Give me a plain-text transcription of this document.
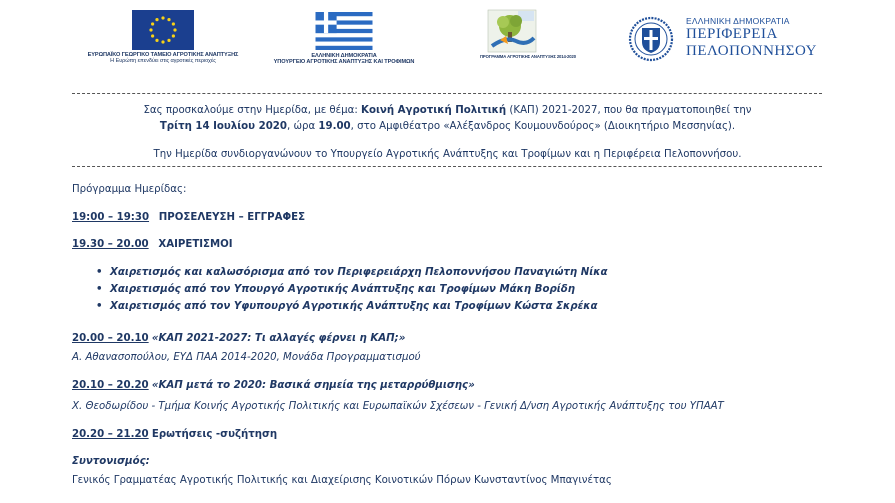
ΕΥΡΩΠΑΪΚΟ ΓΕΩΡΓΙΚΟ ΤΑΜΕΙΟ ΑΓΡΟΤΙΚΗΣ ΑΝΑΠΤΥΞΗΣ
Η Ευρώπη επενδύει στις αγροτικές περιοχές
ΕΛΛΗΝΙΚΗ ΔΗΜΟΚΡΑΤΙΑ
ΥΠΟΥΡΓΕΙΟ ΑΓΡΟΤΙΚΗΣ ΑΝΑΠΤΥΞΗΣ ΚΑΙ ΤΡΟΦΙΜΩΝ
ΠΡΟΓΡΑΜΜΑ ΑΓΡΟΤΙΚΗΣ ΑΝΑΠΤΥΞΗΣ 2014-2020
ΕΛΛΗΝΙΚΗ ΔΗΜΟΚΡΑΤΙΑ
ΠΕΡΙΦΕΡΕΙΑ
ΠΕΛΟΠΟΝΝΗΣΟΥ
Σας προσκαλούμε στην Ημερίδα, με θέμα: Κοινή Αγροτική Πολιτική (ΚΑΠ) 2021-2027, που θα πραγματοποιηθεί την
Τρίτη 14 Ιουλίου 2020, ώρα 19.00, στο Αμφιθέατρο «Αλέξανδρος Κουμουνδούρος» (Διοικητήριο Μεσσηνίας).
Την Ημερίδα συνδιοργανώνουν το Υπουργείο Αγροτικής Ανάπτυξης και Τροφίμων και η Περιφέρεια Πελοποννήσου.
Πρόγραμμα Ημερίδας:
19:00 – 19:30 ΠΡΟΣΕΛΕΥΣΗ – ΕΓΓΡΑΦΕΣ
19.30 – 20.00 ΧΑΙΡΕΤΙΣΜΟΙ
• Χαιρετισμός και καλωσόρισμα από τον Περιφερειάρχη Πελοποννήσου Παναγιώτη Νίκα
• Χαιρετισμός από τον Υπουργό Αγροτικής Ανάπτυξης και Τροφίμων Μάκη Βορίδη
• Χαιρετισμός από τον Υφυπουργό Αγροτικής Ανάπτυξης και Τροφίμων Κώστα Σκρέκα
20.00 – 20.10 «ΚΑΠ 2021-2027: Τι αλλαγές φέρνει η ΚΑΠ;»
Α. Αθανασοπούλου, ΕΥΔ ΠΑΑ 2014-2020, Μονάδα Προγραμματισμού
20.10 – 20.20 «ΚΑΠ μετά το 2020: Βασικά σημεία της μεταρρύθμισης»
Χ. Θεοδωρίδου - Τμήμα Κοινής Αγροτικής Πολιτικής και Ευρωπαϊκών Σχέσεων - Γενική Δ/νση Αγροτικής Ανάπτυξης του ΥΠΑΑΤ
20.20 – 21.20 Ερωτήσεις -συζήτηση
Συντονισμός:
Γενικός Γραμματέας Αγροτικής Πολιτικής και Διαχείρισης Κοινοτικών Πόρων Κωνσταντίνος Μπαγινέτας
